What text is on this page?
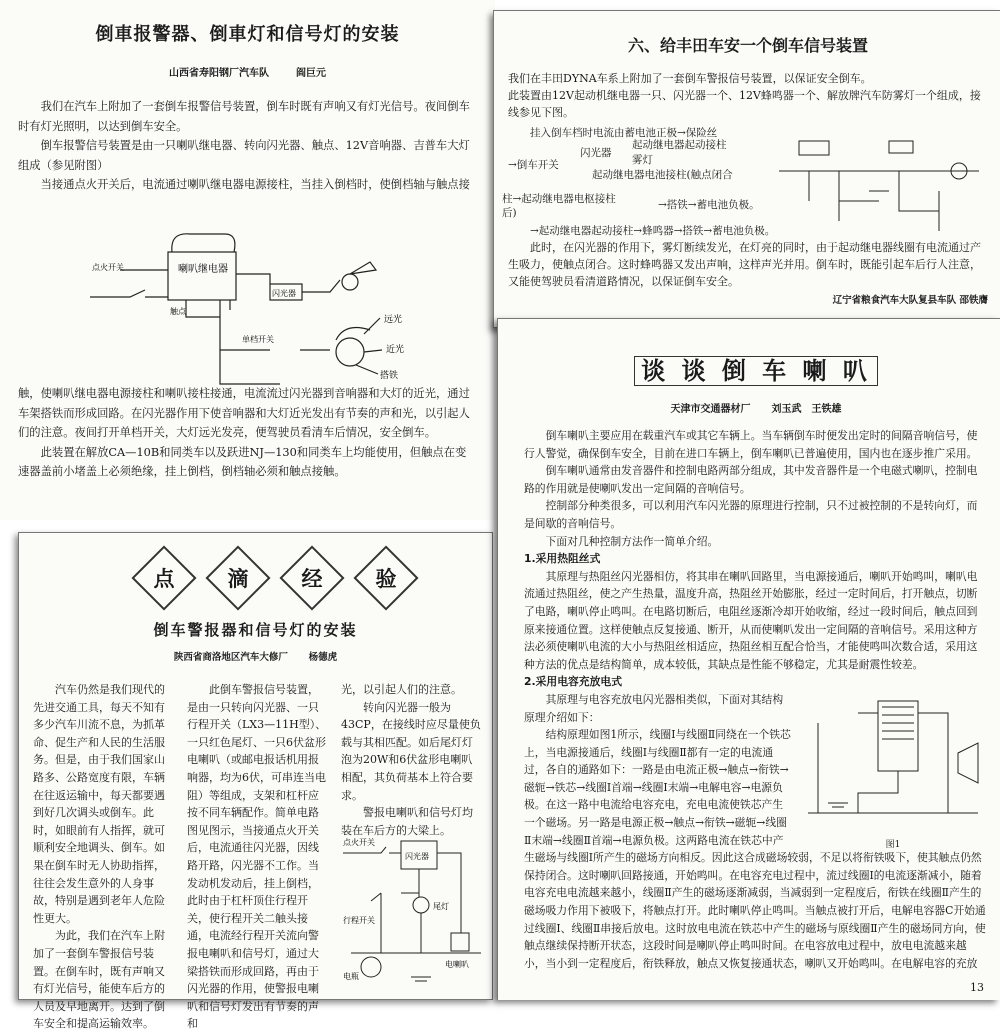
倒車报警器、倒車灯和信号灯的安装
山西省寿阳钢厂汽车队	阎巨元

我们在汽车上附加了一套倒车报警信号装置，倒车时既有声响又有灯光信号。夜间倒车时有灯光照明，以达到倒车安全。

倒车报警信号装置是由一只喇叭继电器、转向闪光器、触点、12V音响器、吉普车大灯组成（参见附图）

当接通点火开关后，电流通过喇叭继电器电源接柱，当挂入倒档时，使倒档轴与触点接

喇叭继电器
闪光器
点火开关
触点
单档开关
远光
近光
搭铁

触，使喇叭继电器电源接柱和喇叭接柱接通，电流流过闪光器到音响器和大灯的近光，通过车架搭铁而形成回路。在闪光器作用下使音响器和大灯近光发出有节奏的声和光，以引起人们的注意。夜间打开单档开关，大灯远光发亮，便驾驶员看清车后情况，安全倒车。

此装置在解放CA—10B和同类车以及跃进NJ—130和同类车上均能使用，但触点在变速器盖前小堵盖上必须绝缘，挂上倒档，倒档轴必须和触点接触。

六、给丰田车安一个倒车信号装置

我们在丰田DYNA车系上附加了一套倒车警报信号装置，以保证安全倒车。

此装置由12V起动机继电器一只、闪光器一个、12V蜂鸣器一个、解放牌汽车防雾灯一个组成，接线参见下图。

挂入倒车档时电流由蓄电池正极→保险丝
→倒车开关
闪光器
起动继电器起动接柱
雾灯
起动继电器电池接柱(触点闭合
柱→起动继电器电枢接柱
后)
→搭铁→蓄电池负极。
→起动继电器起动接柱→蜂鸣器→搭铁→蓄电池负极。

此时，在闪光器的作用下，雾灯断续发光，在灯亮的同时，由于起动继电器线圈有电流通过产生吸力，使触点闭合。这时蜂鸣器又发出声响，这样声光并用。倒车时，既能引起车后行人注意，又能使驾驶员看清道路情况，以保证倒车安全。

辽宁省粮食汽车大队复县车队 邵铁膺
点	滴	经	验
倒车警报器和信号灯的安装
陕西省商洛地区汽车大修厂 杨德虎

汽车仍然是我们现代的先进交通工具，每天不知有多少汽车川流不息，为抓革命、促生产和人民的生活服务。但是，由于我们国家山路多、公路宽度有限，车辆在往返运输中，每天都要遇到好几次调头或倒车。此时，如眼前有人指挥，就可顺利安全地调头、倒车。如果在倒车时无人协助指挥，往往会发生意外的人身事故，特别是遇到老年人危险性更大。

为此，我们在汽车上附加了一套倒车警报信号装置。在倒车时，既有声响又有灯光信号，能使车后方的人员及早地离开。达到了倒车安全和提高运输效率。

此倒车警报信号装置，是由一只转向闪光器、一只行程开关（LX3—11H型）、一只红色尾灯、一只6伏盆形电喇叭（或邮电报话机用报响器，均为6伏，可串连当电阻）等组成，支架和杠杆应按不同车辆配作。简单电路图见图示，当接通点火开关后，电流通往闪光器，因线路开路，闪光器不工作。当发动机发动后，挂上倒档，此时由于杠杆顶住行程开关，使行程开关二触头接通，电流经行程开关流向警报电喇叭和信号灯，通过大梁搭铁而形成回路，再由于闪光器的作用，使警报电喇叭和信号灯发出有节奏的声和

光，以引起人们的注意。

转向闪光器一般为43CP，在接线时应尽量使负载与其相匹配。如后尾灯灯泡为20W和6伏盆形电喇叭相配，其负荷基本上符合要求。

警报电喇叭和信号灯均装在车后方的大梁上。

点火开关
闪光器
行程开关
尾灯
电喇叭
电瓶
谈 谈 倒 车 喇 叭
天津市交通器材厂 刘玉武　王铁雄

倒车喇叭主要应用在载重汽车或其它车辆上。当车辆倒车时便发出定时的间隔音响信号，使行人警觉，确保倒车安全，目前在进口车辆上，倒车喇叭已普遍使用，国内也在逐步推广采用。

倒车喇叭通常由发音器件和控制电路两部分组成，其中发音器件是一个电磁式喇叭，控制电路的作用就是使喇叭发出一定间隔的音响信号。

控制部分种类很多，可以利用汽车闪光器的原理进行控制，只不过被控制的不是转向灯，而是间歇的音响信号。

下面对几种控制方法作一简单介绍。

1.采用热阻丝式

其原理与热阻丝闪光器相仿，将其串在喇叭回路里，当电源接通后，喇叭开始鸣叫，喇叭电流通过热阻丝，使之产生热量，温度升高，热阻丝开始膨胀，经过一定时间后，打开触点，切断了电路，喇叭停止鸣叫。在电路切断后，电阻丝逐渐冷却开始收缩，经过一段时间后，触点回到原来接通位置。这样使触点反复接通、断开，从而使喇叭发出一定间隔的音响信号。采用这种方法必须使喇叭电流的大小与热阻丝相适应，热阻丝相互配合恰当，才能使鸣叫次数合适，采用这种方法的优点是结构简单，成本较低，其缺点是性能不够稳定，尤其是耐震性较差。

2.采用电容充放电式

图1

其原理与电容充放电闪光器相类似，下面对其结构原理介绍如下：

结构原理如图1所示，线圈Ⅰ与线圈Ⅱ同绕在一个铁芯上，当电源接通后，线圈Ⅰ与线圈Ⅱ都有一定的电流通过，各自的通路如下：一路是由电流正极→触点→衔铁→磁轭→铁芯→线圈Ⅰ首端→线圈Ⅰ末端→电解电容→电源负极。在这一路中电流给电容充电，充电电流使铁芯产生一个磁场。另一路是电源正极→触点→衔铁→磁轭→线圈Ⅱ末端→线圈Ⅱ首端→电源负极。这两路电流在铁芯中产生磁场与线圈Ⅰ所产生的磁场方向相反。因此这合成磁场较弱，不足以将衔铁吸下，使其触点仍然保持闭合。这时喇叭回路接通，开始鸣叫。在电容充电过程中，流过线圈Ⅰ的电流逐渐减小，随着电容充电电流越来越小，线圈Ⅱ产生的磁场逐渐减弱，当减弱到一定程度后，衔铁在线圈Ⅱ产生的磁场吸力作用下被吸下，将触点打开。此时喇叭停止鸣叫。当触点被打开后，电解电容器C开始通过线圈Ⅰ、线圈Ⅱ串接后放电。这时放电电流在铁芯中产生的磁场与原线圈Ⅱ产生的磁场同方向，使触点继续保持断开状态，这段时间是喇叭停止鸣叫时间。在电容放电过程中，放电电流越来越小，当小到一定程度后，衔铁释放，触点又恢复接通状态，喇叭又开始鸣叫。在电解电容的充放

13
